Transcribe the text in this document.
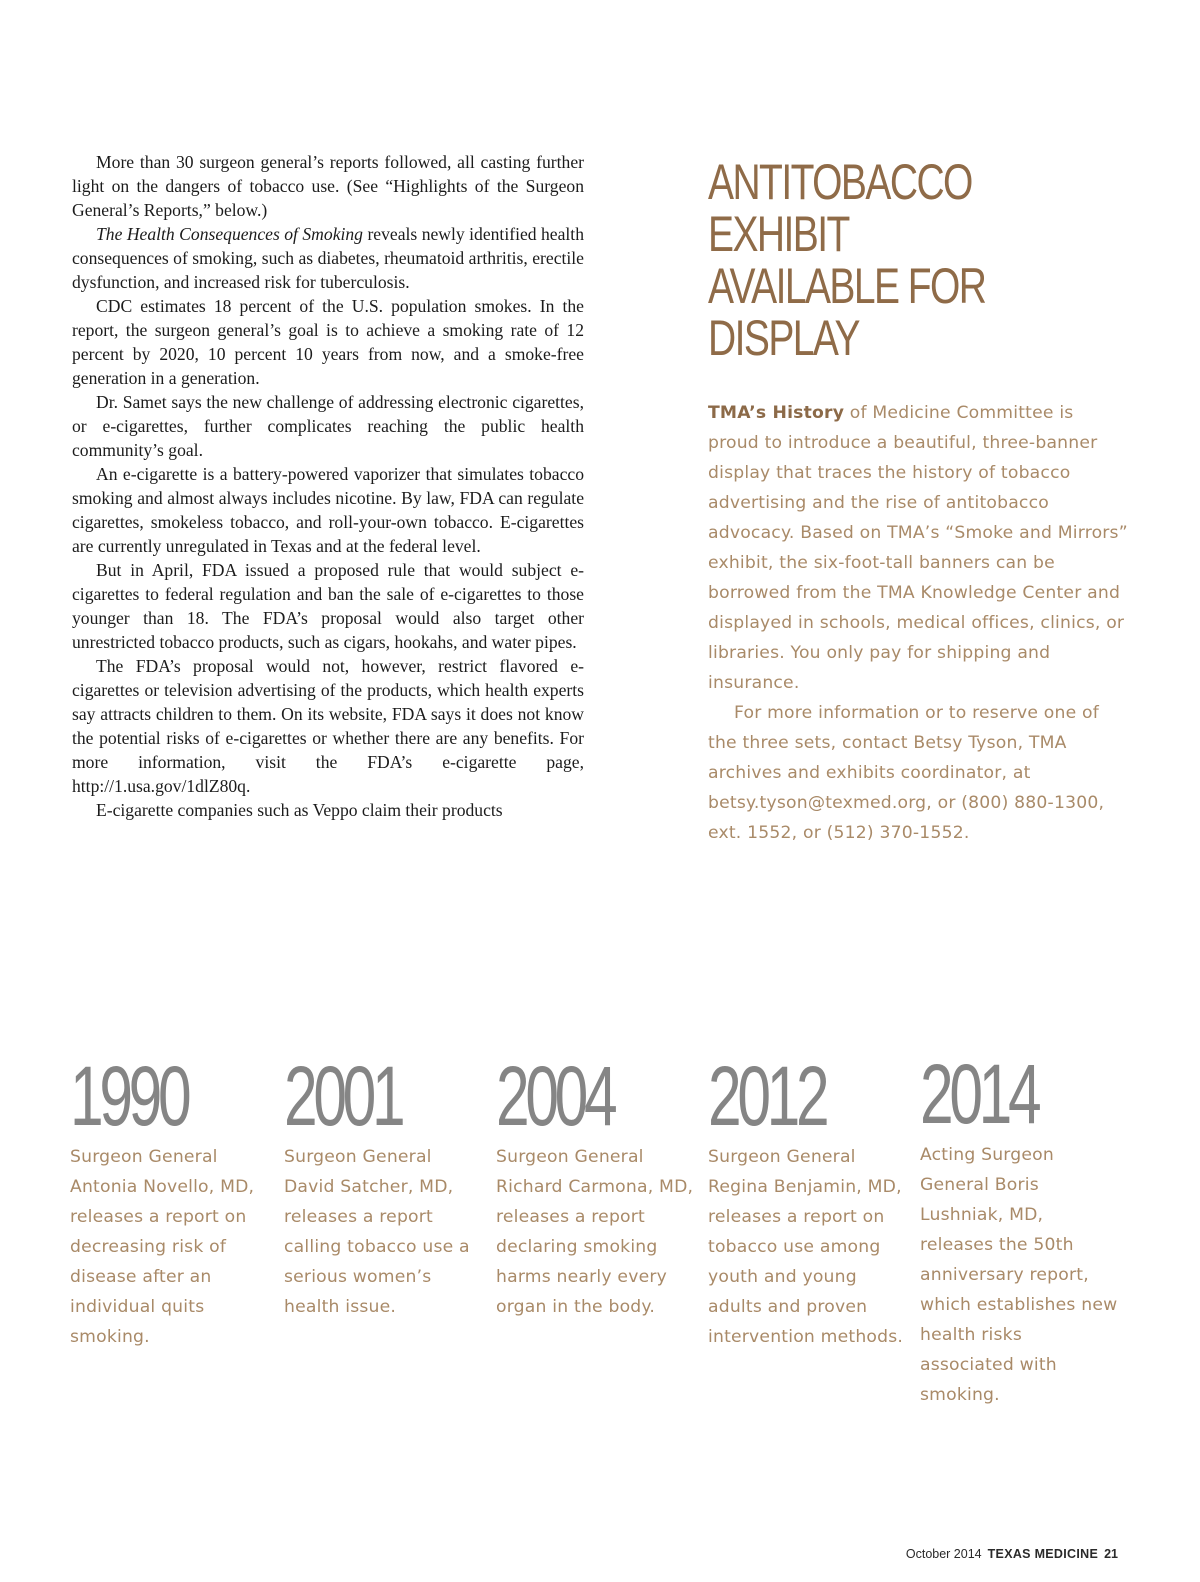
More than 30 surgeon general’s reports followed, all casting further light on the dangers of tobacco use. (See “Highlights of the Surgeon General’s Reports,” below.)

The Health Consequences of Smoking reveals newly identified health consequences of smoking, such as diabetes, rheumatoid arthritis, erectile dysfunction, and increased risk for tuberculosis.

CDC estimates 18 percent of the U.S. population smokes. In the report, the surgeon general’s goal is to achieve a smoking rate of 12 percent by 2020, 10 percent 10 years from now, and a smoke-free generation in a generation.

Dr. Samet says the new challenge of addressing electronic cigarettes, or e-cigarettes, further complicates reaching the public health community’s goal.

An e-cigarette is a battery-powered vaporizer that simulates tobacco smoking and almost always includes nicotine. By law, FDA can regulate cigarettes, smokeless tobacco, and roll-your-own tobacco. E-cigarettes are currently unregulated in Texas and at the federal level.

But in April, FDA issued a proposed rule that would subject e-cigarettes to federal regulation and ban the sale of e-cigarettes to those younger than 18. The FDA’s proposal would also target other unrestricted tobacco products, such as cigars, hookahs, and water pipes.

The FDA’s proposal would not, however, restrict flavored e-cigarettes or television advertising of the products, which health experts say attracts children to them. On its website, FDA says it does not know the potential risks of e-cigarettes or whether there are any benefits. For more information, visit the FDA’s e-cigarette page, http://1.usa.gov/1dlZ80q.

E-cigarette companies such as Veppo claim their products

ANTITOBACCO EXHIBIT
AVAILABLE FOR DISPLAY

TMA’s History of Medicine Committee is proud to introduce a beautiful, three-banner display that traces the history of tobacco advertising and the rise of antitobacco advocacy. Based on TMA’s “Smoke and Mirrors” exhibit, the six-foot-tall banners can be borrowed from the TMA Knowledge Center and displayed in schools, medical offices, clinics, or libraries. You only pay for shipping and insurance.

For more information or to reserve one of the three sets, contact Betsy Tyson, TMA archives and exhibits coordinator, at betsy.tyson@texmed.org, or (800) 880-1300, ext. 1552, or (512) 370-1552.

1990
Surgeon General Antonia Novello, MD, releases a report on decreasing risk of disease after an individual quits smoking.
2001
Surgeon General David Satcher, MD, releases a report calling tobacco use a serious women’s health issue.
2004
Surgeon General Richard Carmona, MD, releases a report declaring smoking harms nearly every organ in the body.
2012
Surgeon General Regina Benjamin, MD, releases a report on tobacco use among youth and young adults and proven intervention methods.
2014
Acting Surgeon General Boris Lushniak, MD, releases the 50th anniversary report, which establishes new health risks associated with smoking.
October 2014 TEXAS MEDICINE 21
